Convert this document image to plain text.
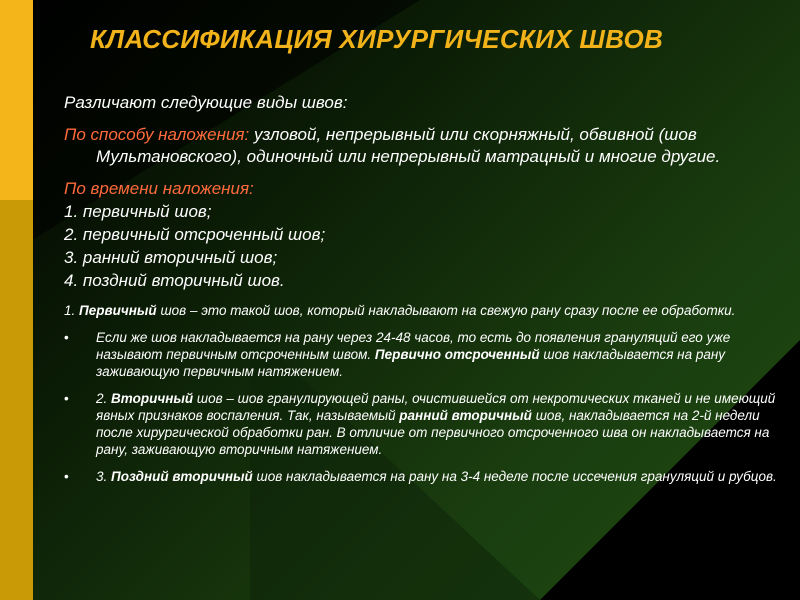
КЛАССИФИКАЦИЯ ХИРУРГИЧЕСКИХ ШВОВ
Различают следующие виды швов:
По способу наложения: узловой, непрерывный или скорняжный, обвивной (шов Мультановского), одиночный или непрерывный матрацный и многие другие.
По времени наложения:
1. первичный шов;
2. первичный отсроченный шов;
3. ранний вторичный шов;
4. поздний вторичный шов.

1. Первичный шов – это такой шов, который накладывают на свежую рану сразу после ее обработки.

• Если же шов накладывается на рану через 24-48 часов, то есть до появления грануляций его уже называют первичным отсроченным швом. Первично отсроченный шов накладывается на рану заживающую первичным натяжением.

• 2. Вторичный шов – шов гранулирующей раны, очистившейся от некротических тканей и не имеющий явных признаков воспаления. Так, называемый ранний вторичный шов, накладывается на 2-й недели после хирургической обработки ран. В отличие от первичного отсроченного шва он накладывается на рану, заживающую вторичным натяжением.

• 3. Поздний вторичный шов накладывается на рану на 3-4 неделе после иссечения грануляций и рубцов.
